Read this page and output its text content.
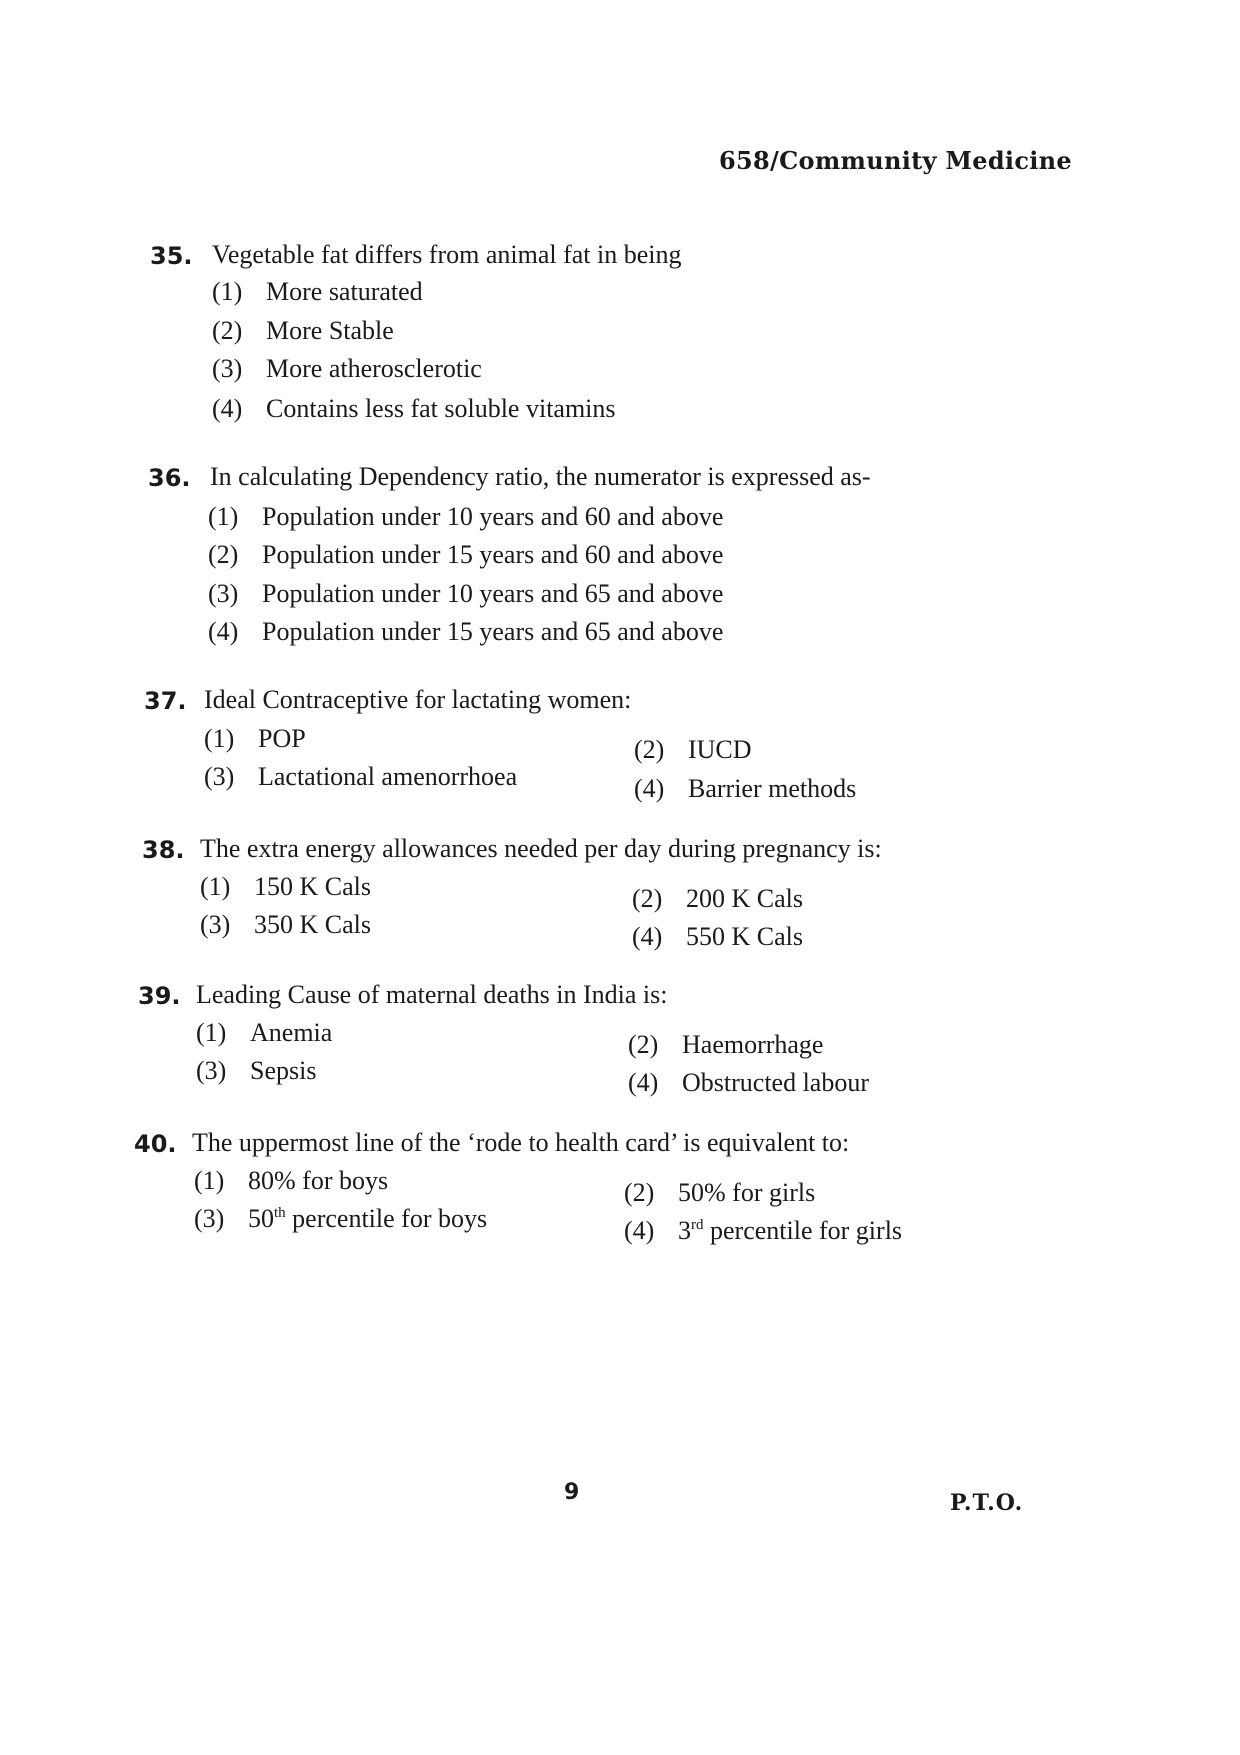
658/Community Medicine
35. Vegetable fat differs from animal fat in being
(1) More saturated
(2) More Stable
(3) More atherosclerotic
(4) Contains less fat soluble vitamins
36. In calculating Dependency ratio, the numerator is expressed as-
(1) Population under 10 years and 60 and above
(2) Population under 15 years and 60 and above
(3) Population under 10 years and 65 and above
(4) Population under 15 years and 65 and above
37. Ideal Contraceptive for lactating women:
(1) POP	(2) IUCD
(3) Lactational amenorrhoea	(4) Barrier methods
38. The extra energy allowances needed per day during pregnancy is:
(1) 150 K Cals	(2) 200 K Cals
(3) 350 K Cals	(4) 550 K Cals
39. Leading Cause of maternal deaths in India is:
(1) Anemia	(2) Haemorrhage
(3) Sepsis	(4) Obstructed labour
40. The uppermost line of the ‘rode to health card’ is equivalent to:
(1) 80% for boys	(2) 50% for girls
(3) 50th percentile for boys	(4) 3rd percentile for girls
9	P.T.O.
